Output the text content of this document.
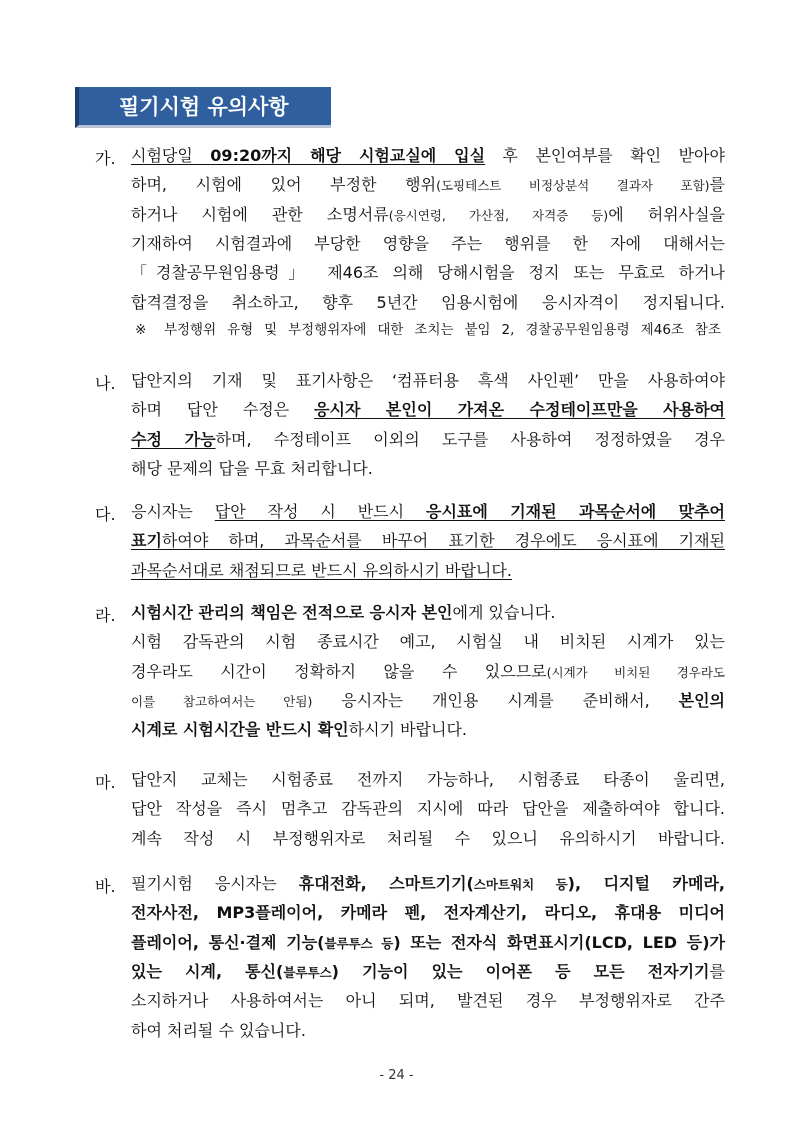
필기시험 유의사항
가. 시험당일 09:20까지 해당 시험교실에 입실 후 본인여부를 확인 받아야
하며, 시험에 있어 부정한 행위(도핑테스트 비정상분석 결과자 포함)를
하거나 시험에 관한 소명서류(응시연령, 가산점, 자격증 등)에 허위사실을
기재하여 시험결과에 부당한 영향을 주는 행위를 한 자에 대해서는
「경찰공무원임용령」 제46조 의해 당해시험을 정지 또는 무효로 하거나
합격결정을 취소하고, 향후 5년간 임용시험에 응시자격이 정지됩니다.
※ 부정행위 유형 및 부정행위자에 대한 조치는 붙임 2, 경찰공무원임용령 제46조 참조
나. 답안지의 기재 및 표기사항은 ‘컴퓨터용 흑색 사인펜’ 만을 사용하여야
하며 답안 수정은 응시자 본인이 가져온 수정테이프만을 사용하여
수정 가능하며, 수정테이프 이외의 도구를 사용하여 정정하였을 경우
해당 문제의 답을 무효 처리합니다.
다. 응시자는 답안 작성 시 반드시 응시표에 기재된 과목순서에 맞추어
표기하여야 하며, 과목순서를 바꾸어 표기한 경우에도 응시표에 기재된
과목순서대로 채점되므로 반드시 유의하시기 바랍니다.
라. 시험시간 관리의 책임은 전적으로 응시자 본인에게 있습니다.
시험 감독관의 시험 종료시간 예고, 시험실 내 비치된 시계가 있는
경우라도 시간이 정확하지 않을 수 있으므로(시계가 비치된 경우라도
이를 참고하여서는 안됨) 응시자는 개인용 시계를 준비해서, 본인의
시계로 시험시간을 반드시 확인하시기 바랍니다.
마. 답안지 교체는 시험종료 전까지 가능하나, 시험종료 타종이 울리면,
답안 작성을 즉시 멈추고 감독관의 지시에 따라 답안을 제출하여야 합니다.
계속 작성 시 부정행위자로 처리될 수 있으니 유의하시기 바랍니다.
바. 필기시험 응시자는 휴대전화, 스마트기기(스마트워치 등), 디지털 카메라,
전자사전, MP3플레이어, 카메라 펜, 전자계산기, 라디오, 휴대용 미디어
플레이어, 통신·결제 기능(블루투스 등) 또는 전자식 화면표시기(LCD, LED 등)가
있는 시계, 통신(블루투스) 기능이 있는 이어폰 등 모든 전자기기를
소지하거나 사용하여서는 아니 되며, 발견된 경우 부정행위자로 간주
하여 처리될 수 있습니다.
- 24 -
